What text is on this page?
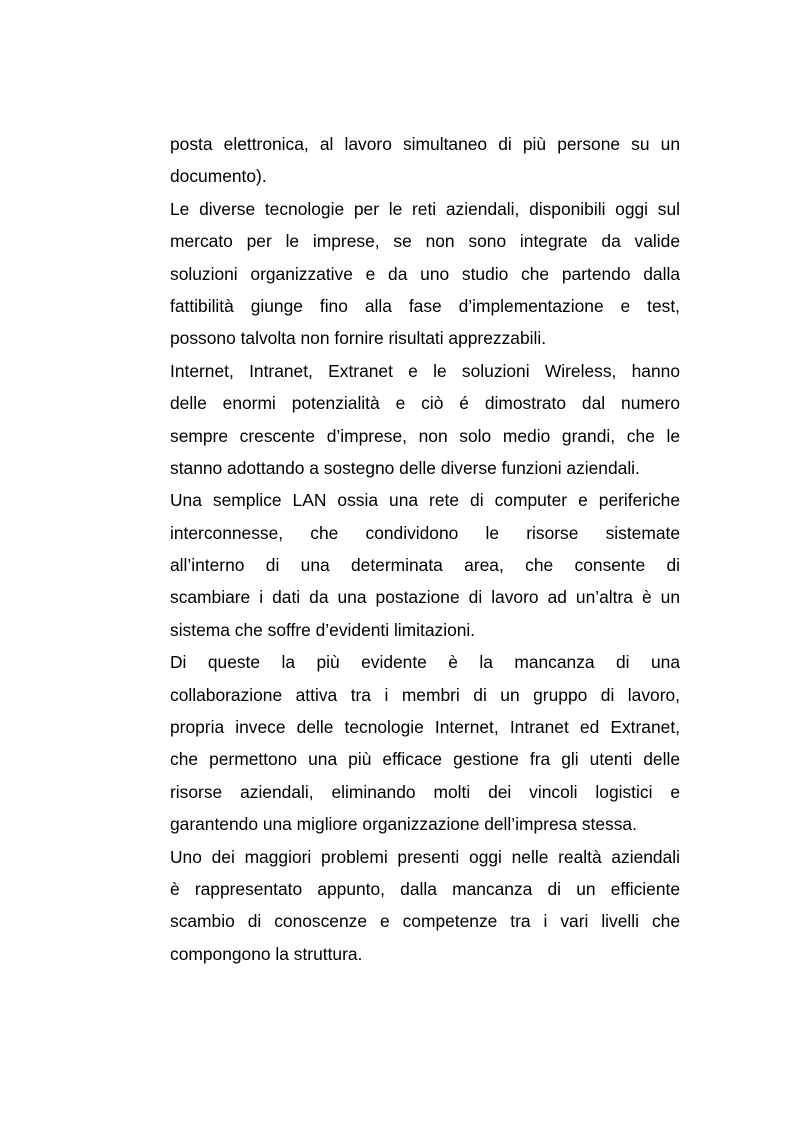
posta elettronica, al lavoro simultaneo di più persone su un
documento).
Le diverse tecnologie per le reti aziendali, disponibili oggi sul
mercato per le imprese, se non sono integrate da valide
soluzioni organizzative e da uno studio che partendo dalla
fattibilità giunge fino alla fase d’implementazione e test,
possono talvolta non fornire risultati apprezzabili.
Internet, Intranet, Extranet e le soluzioni Wireless, hanno
delle enormi potenzialità e ciò é dimostrato dal numero
sempre crescente d’imprese, non solo medio grandi, che le
stanno adottando a sostegno delle diverse funzioni aziendali.
Una semplice LAN ossia una rete di computer e periferiche
interconnesse, che condividono le risorse sistemate
all’interno di una determinata area, che consente di
scambiare i dati da una postazione di lavoro ad un’altra è un
sistema che soffre d’evidenti limitazioni.
Di queste la più evidente è la mancanza di una
collaborazione attiva tra i membri di un gruppo di lavoro,
propria invece delle tecnologie Internet, Intranet ed Extranet,
che permettono una più efficace gestione fra gli utenti delle
risorse aziendali, eliminando molti dei vincoli logistici e
garantendo una migliore organizzazione dell’impresa stessa.
Uno dei maggiori problemi presenti oggi nelle realtà aziendali
è rappresentato appunto, dalla mancanza di un efficiente
scambio di conoscenze e competenze tra i vari livelli che
compongono la struttura.
